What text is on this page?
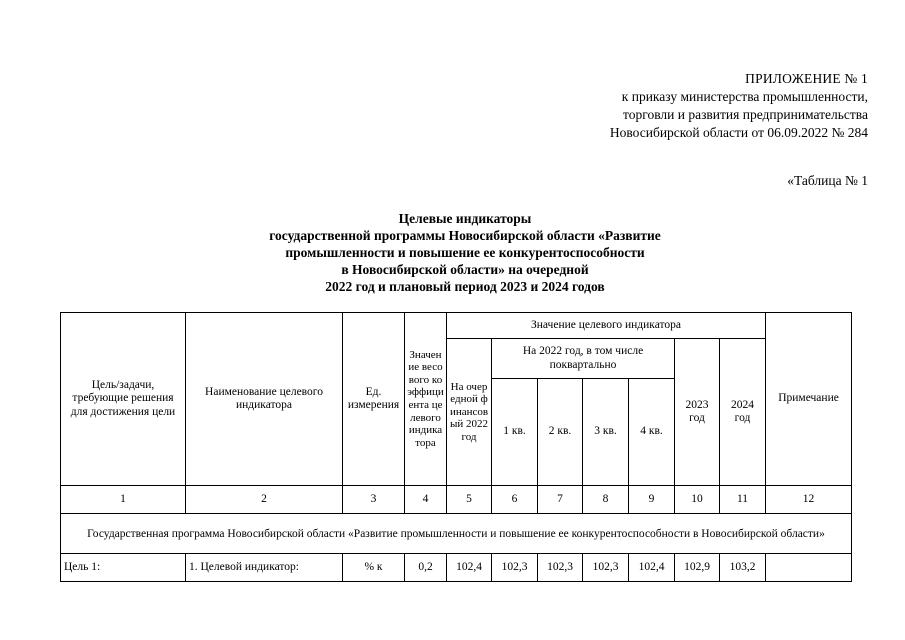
ПРИЛОЖЕНИЕ № 1
к приказу министерства промышленности,
торговли и развития предпринимательства
Новосибирской области от 06.09.2022 № 284
«Таблица № 1
Целевые индикаторы
государственной программы Новосибирской области «Развитие
промышленности и повышение ее конкурентоспособности
в Новосибирской области» на очередной
2022 год и плановый период 2023 и 2024 годов
Цель/задачи, требующие решения для достижения цели	Наименование целевого индикатора	Ед. измерения	Значение весового коэффициента целевого индикатора	Значение целевого индикатора							Примечание
				На очередной финансовый 2022 год	На 2022 год, в том числе поквартально				2023 год	2024 год	
					1 кв.	2 кв.	3 кв.	4 кв.			
1	2	3	4	5	6	7	8	9	10	11	12
Государственная программа Новосибирской области «Развитие промышленности и повышение ее конкурентоспособности в Новосибирской области»											
Цель 1:	1. Целевой индикатор:	% к	0,2	102,4	102,3	102,3	102,3	102,4	102,9	103,2	
